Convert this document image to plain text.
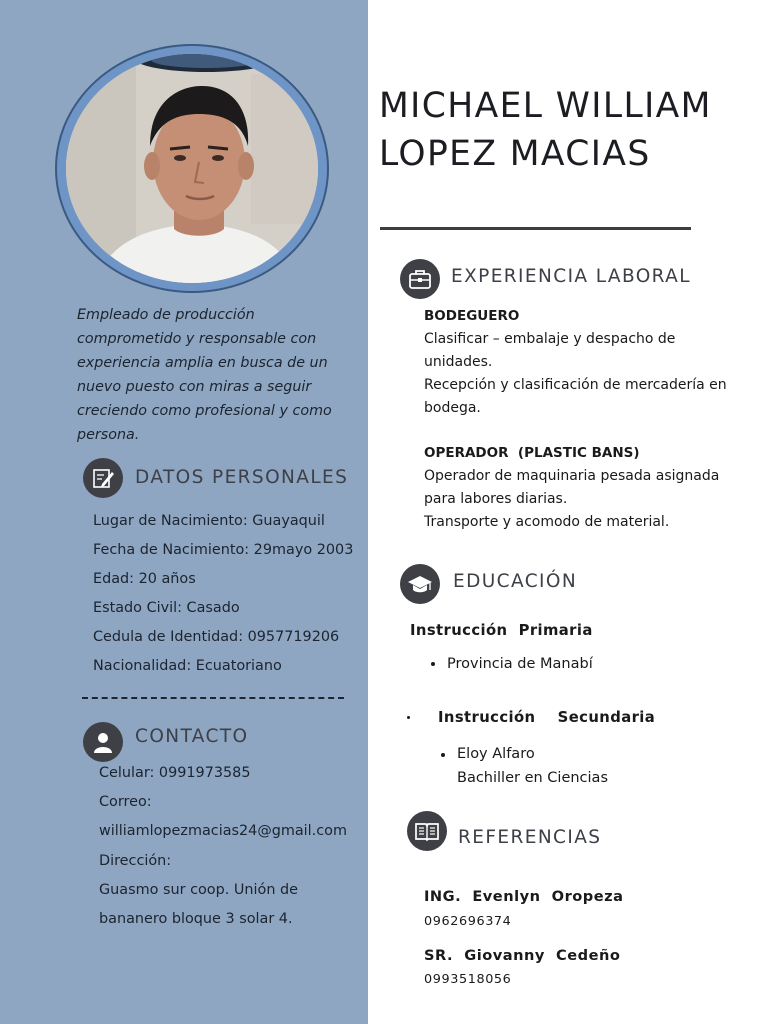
Empleado de producción comprometido y responsable con experiencia amplia en busca de un nuevo puesto con miras a seguir creciendo como profesional y como persona.
DATOS PERSONALES
Lugar de Nacimiento: Guayaquil
Fecha de Nacimiento: 29mayo 2003
Edad: 20 años
Estado Civil: Casado
Cedula de Identidad: 0957719206
Nacionalidad: Ecuatoriano
CONTACTO
Celular: 0991973585
Correo:
williamlopezmacias24@gmail.com
Dirección:
Guasmo sur coop. Unión de
bananero bloque 3 solar 4.
MICHAEL WILLIAM
LOPEZ MACIAS
EXPERIENCIA LABORAL
BODEGUERO
Clasificar – embalaje y despacho de
unidades.
Recepción y clasificación de mercadería en
bodega.
OPERADOR  (PLASTIC BANS)
Operador de maquinaria pesada asignada
para labores diarias.
Transporte y acomodo de material.
EDUCACIÓN
Instrucción  Primaria
Provincia de Manabí
Instrucción    Secundaria
Eloy Alfaro
Bachiller en Ciencias
REFERENCIAS
ING.  Evenlyn  Oropeza
0962696374
SR.  Giovanny  Cedeño
0993518056
